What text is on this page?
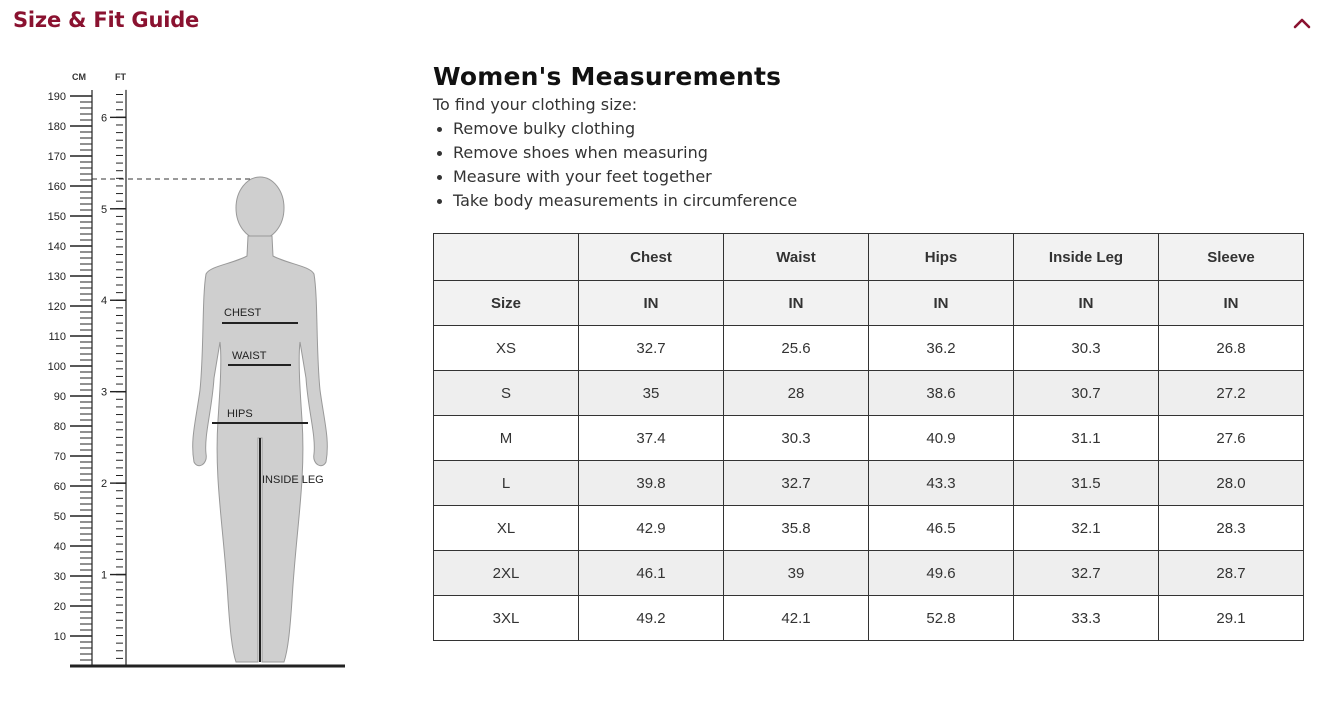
Size & Fit Guide
CM	FT
190
180
170
160
150
140
130
120
110
100
90
80
70
60
50
40
30
20
10
6
5
4
3
2
1
CHEST
WAIST
HIPS
INSIDE LEG
Women's Measurements
To find your clothing size:
Remove bulky clothing
Remove shoes when measuring
Measure with your feet together
Take body measurements in circumference
	Chest	Waist	Hips	Inside Leg	Sleeve
Size	IN	IN	IN	IN	IN
XS	32.7	25.6	36.2	30.3	26.8
S	35	28	38.6	30.7	27.2
M	37.4	30.3	40.9	31.1	27.6
L	39.8	32.7	43.3	31.5	28.0
XL	42.9	35.8	46.5	32.1	28.3
2XL	46.1	39	49.6	32.7	28.7
3XL	49.2	42.1	52.8	33.3	29.1
